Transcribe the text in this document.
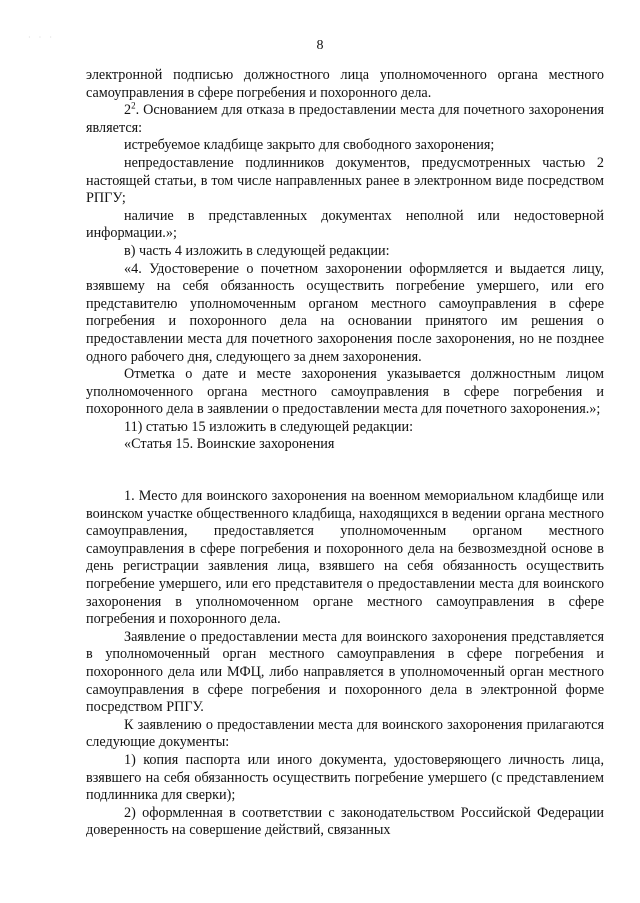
· · ·
8

электронной подписью должностного лица уполномоченного органа местного самоуправления в сфере погребения и похоронного дела.

$2^2$. Основанием для отказа в предоставлении места для почетного захоронения является:

истребуемое кладбище закрыто для свободного захоронения;

непредоставление подлинников документов, предусмотренных частью 2 настоящей статьи, в том числе направленных ранее в электронном виде посредством РПГУ;

наличие в представленных документах неполной или недостоверной информации.»;

в) часть 4 изложить в следующей редакции:

«4. Удостоверение о почетном захоронении оформляется и выдается лицу, взявшему на себя обязанность осуществить погребение умершего, или его представителю уполномоченным органом местного самоуправления в сфере погребения и похоронного дела на основании принятого им решения о предоставлении места для почетного захоронения после захоронения, но не позднее одного рабочего дня, следующего за днем захоронения.

Отметка о дате и месте захоронения указывается должностным лицом уполномоченного органа местного самоуправления в сфере погребения и похоронного дела в заявлении о предоставлении места для почетного захоронения.»;

11) статью 15 изложить в следующей редакции:

«Статья 15. Воинские захоронения

1. Место для воинского захоронения на военном мемориальном кладбище или воинском участке общественного кладбища, находящихся в ведении органа местного самоуправления, предоставляется уполномоченным органом местного самоуправления в сфере погребения и похоронного дела на безвозмездной основе в день регистрации заявления лица, взявшего на себя обязанность осуществить погребение умершего, или его представителя о предоставлении места для воинского захоронения в уполномоченном органе местного самоуправления в сфере погребения и похоронного дела.

Заявление о предоставлении места для воинского захоронения представляется в уполномоченный орган местного самоуправления в сфере погребения и похоронного дела или МФЦ, либо направляется в уполномоченный орган местного самоуправления в сфере погребения и похоронного дела в электронной форме посредством РПГУ.

К заявлению о предоставлении места для воинского захоронения прилагаются следующие документы:

1) копия паспорта или иного документа, удостоверяющего личность лица, взявшего на себя обязанность осуществить погребение умершего (с представлением подлинника для сверки);

2) оформленная в соответствии с законодательством Российской Федерации доверенность на совершение действий, связанных
